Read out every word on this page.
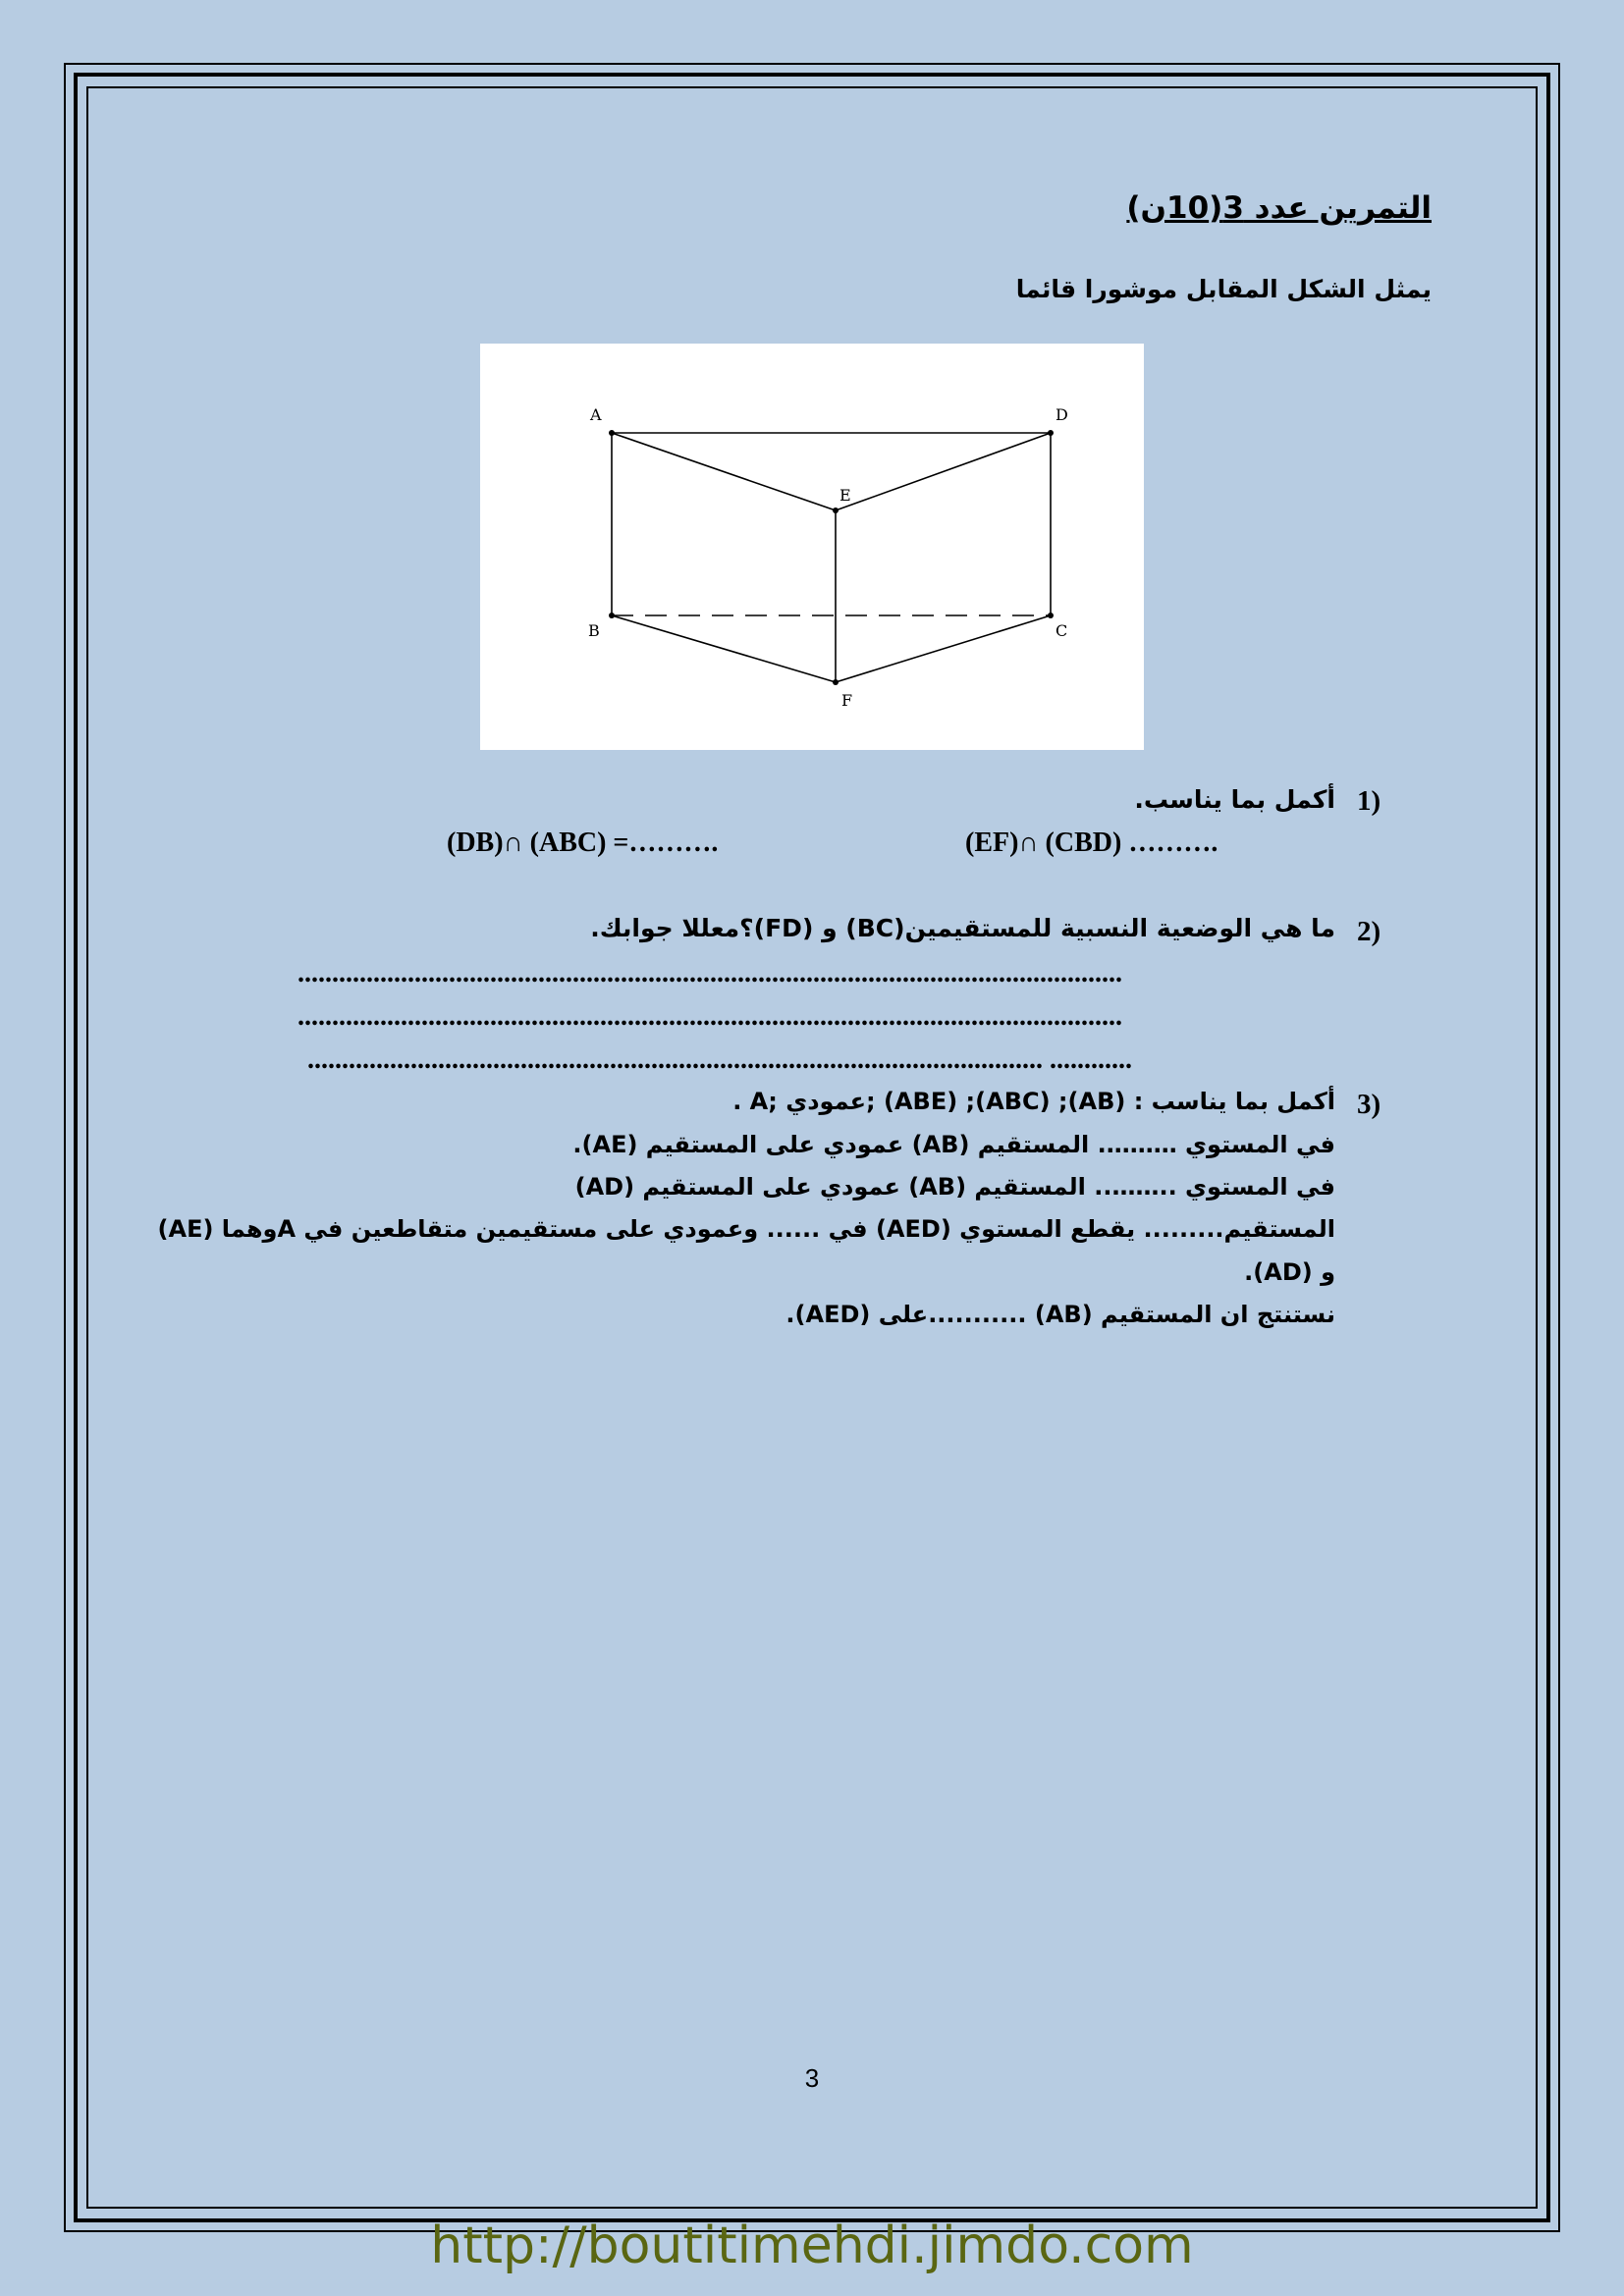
التمرين عدد 3(10ن)
يمثل الشكل المقابل موشورا قائما
A	D
E
B	C
F
1)
أكمل بما يناسب.
(DB)∩ (ABC) =……….	(EF)∩ (CBD) ……….
2)
ما هي الوضعية النسبية للمستقيمين(BC) و (FD)؟معللا جوابك.
........................................................................................................................
........................................................................................................................
........................................................................................................... ............
3)
أكمل بما يناسب : (AB); (ABC); (ABE) ;عمودي ;A .
في المستوي ………. المستقيم (AB) عمودي على المستقيم (AE).
في المستوي ..…….. المستقيم (AB) عمودي على المستقيم (AD)
المستقيم......... يقطع المستوي (AED) في ...... وعمودي على مستقيمين متقاطعين في Aوهما (AE)
و (AD).
نستنتج ان المستقيم (AB) ...........على (AED).
3
http://boutitimehdi.jimdo.com
